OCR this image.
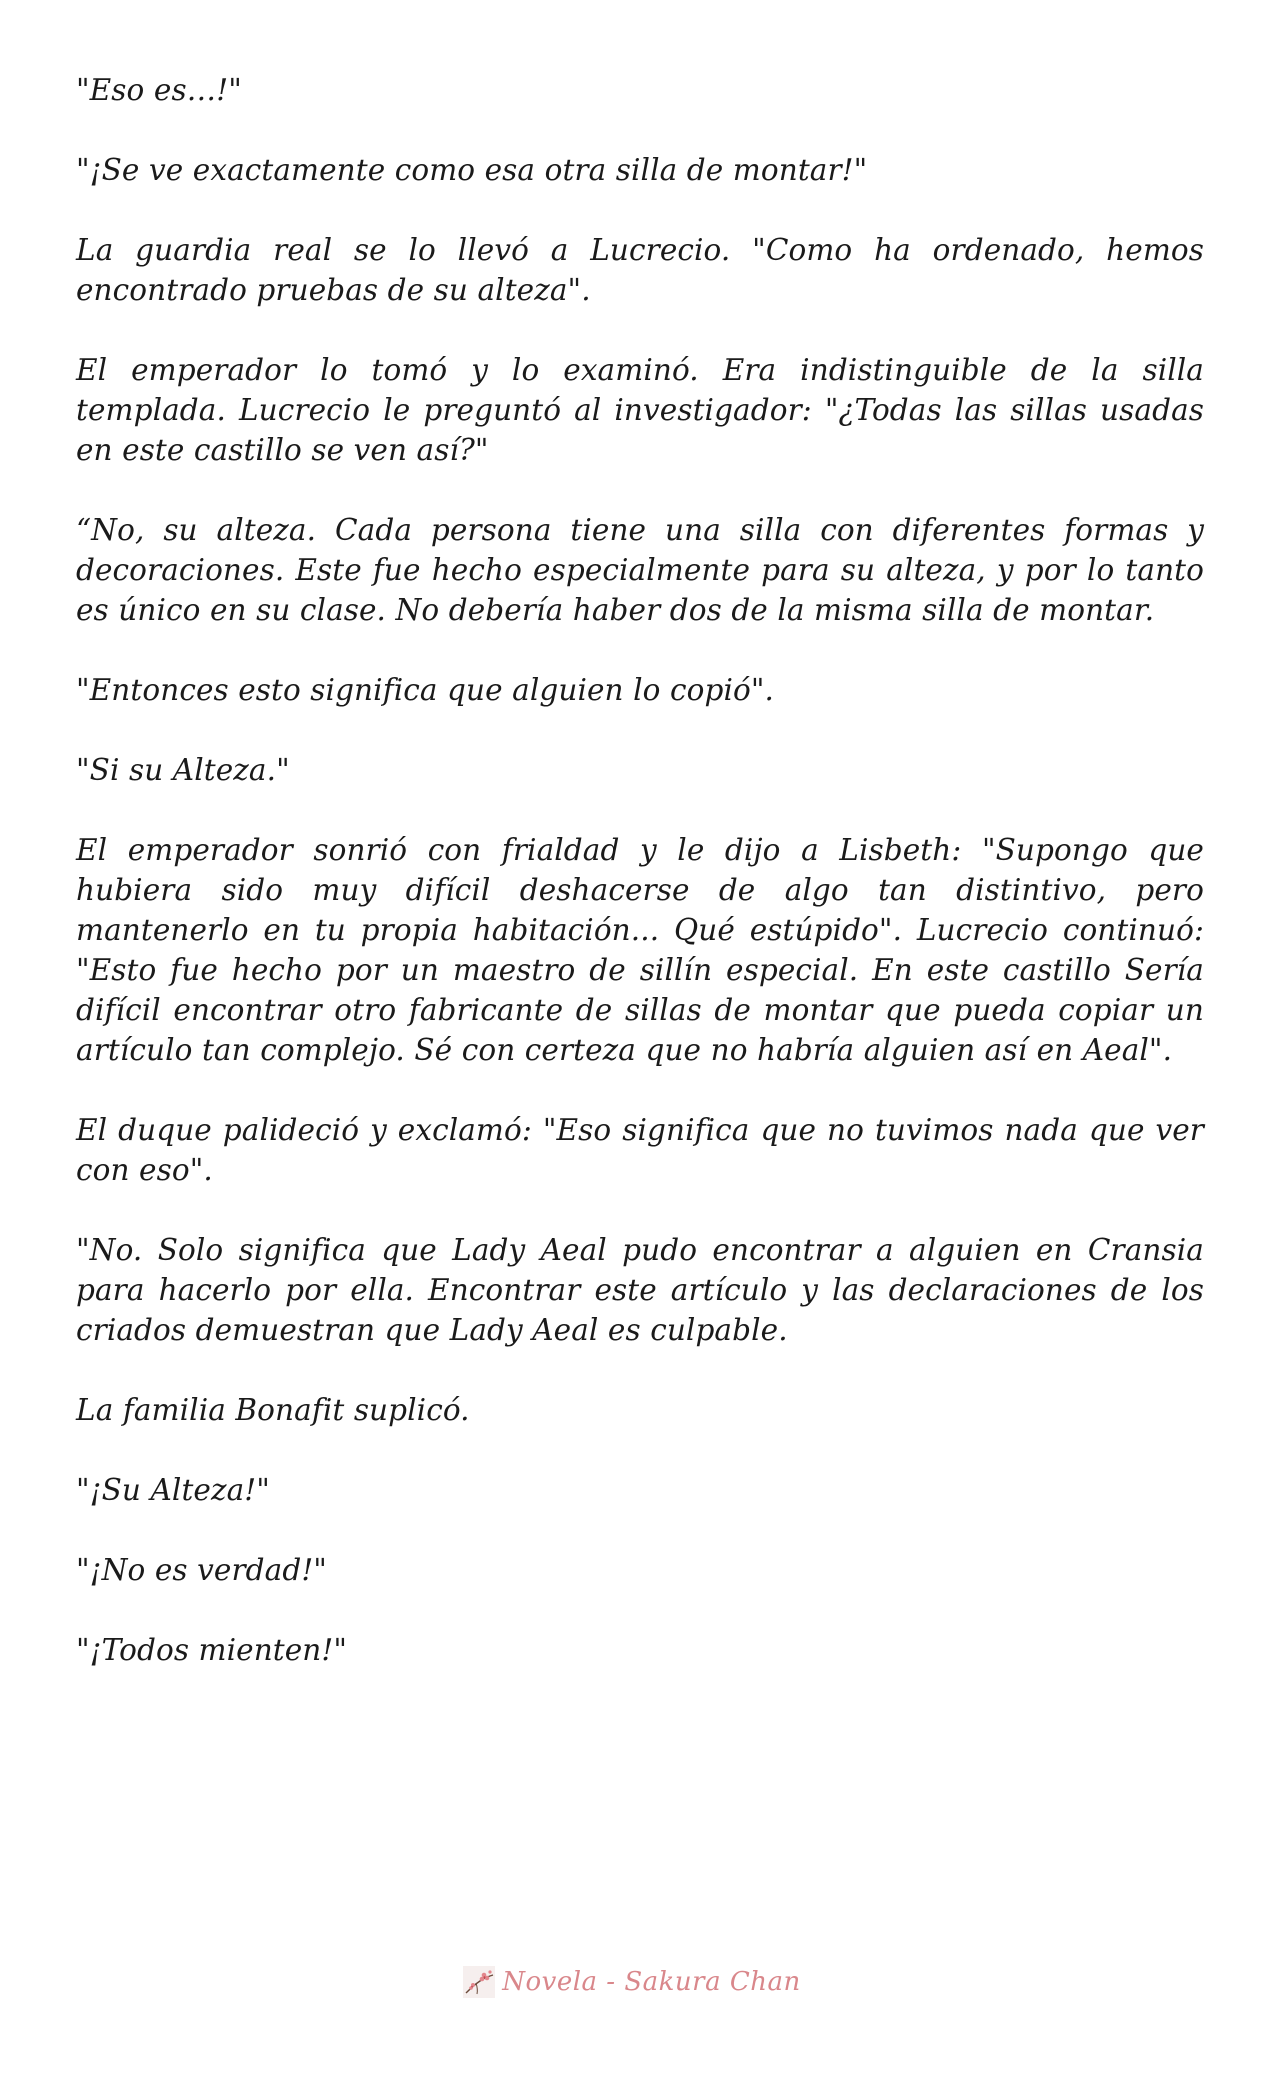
"Eso es…!"

"¡Se ve exactamente como esa otra silla de montar!"

La guardia real se lo llevó a Lucrecio. "Como ha ordenado, hemos encontrado pruebas de su alteza".

El emperador lo tomó y lo examinó. Era indistinguible de la silla templada. Lucrecio le preguntó al investigador: "¿Todas las sillas usadas en este castillo se ven así?"

“No, su alteza. Cada persona tiene una silla con diferentes formas y decoraciones. Este fue hecho especialmente para su alteza, y por lo tanto es único en su clase. No debería haber dos de la misma silla de montar.

"Entonces esto significa que alguien lo copió".

"Si su Alteza."

El emperador sonrió con frialdad y le dijo a Lisbeth: "Supongo que hubiera sido muy difícil deshacerse de algo tan distintivo, pero mantenerlo en tu propia habitación... Qué estúpido". Lucrecio continuó: "Esto fue hecho por un maestro de sillín especial. En este castillo Sería difícil encontrar otro fabricante de sillas de montar que pueda copiar un artículo tan complejo. Sé con certeza que no habría alguien así en Aeal".

El duque palideció y exclamó: "Eso significa que no tuvimos nada que ver con eso".

"No. Solo significa que Lady Aeal pudo encontrar a alguien en Cransia para hacerlo por ella. Encontrar este artículo y las declaraciones de los criados demuestran que Lady Aeal es culpable.

La familia Bonafit suplicó.

"¡Su Alteza!"

"¡No es verdad!"

"¡Todos mienten!"

Novela - Sakura Chan
